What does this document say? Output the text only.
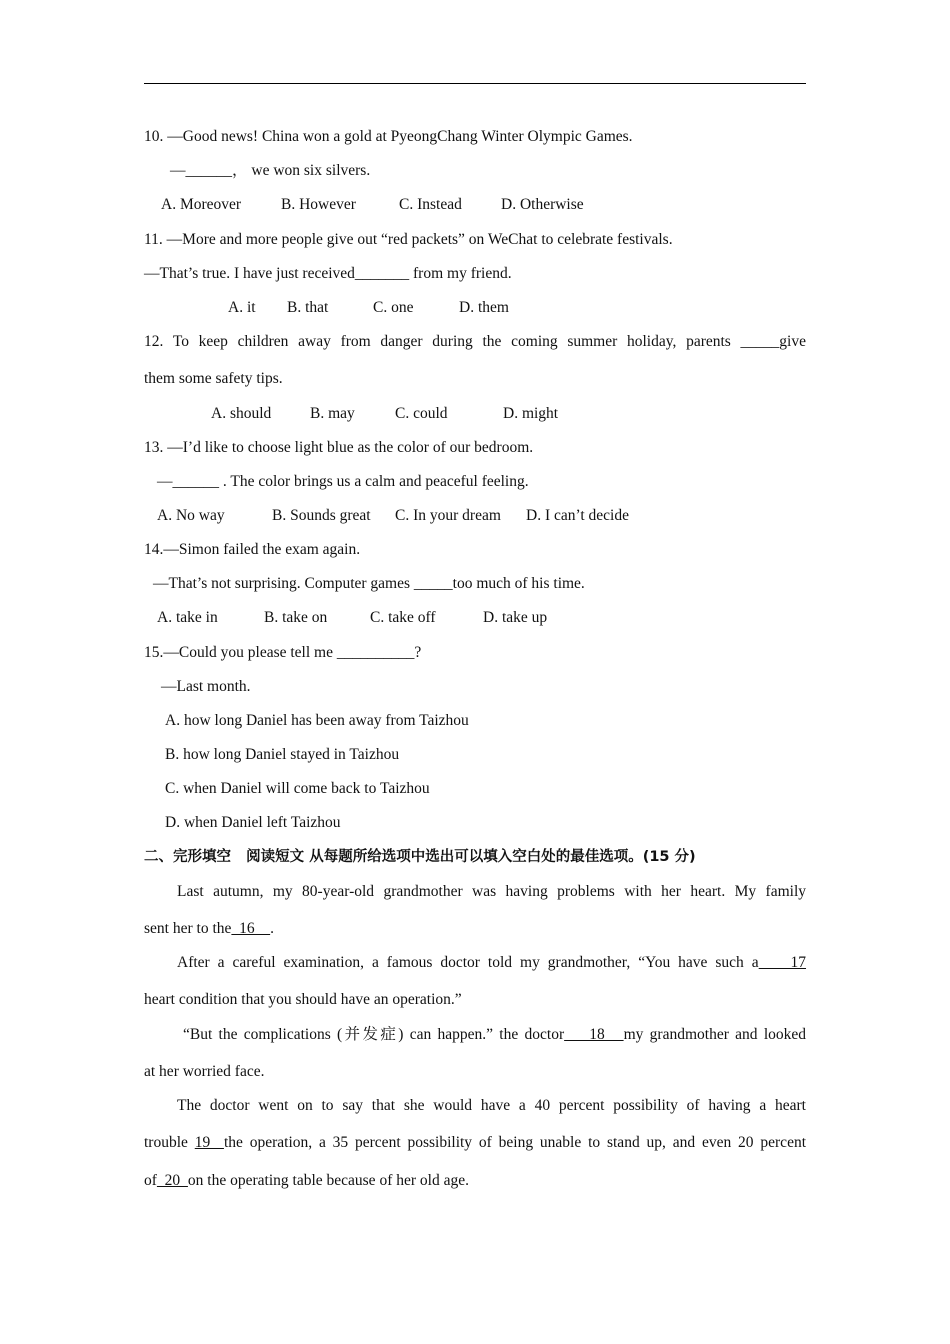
10. —Good news! China won a gold at PyeongChang Winter Olympic Games.
—______， we won six silvers.
A. Moreover	B. However	C. Instead	D. Otherwise
11. —More and more people give out “red packets” on WeChat to celebrate festivals.
—That’s true. I have just received_______ from my friend.
A. it B. that	C. one	D. them
12. To keep children away from danger during the coming summer holiday, parents _____give
them some safety tips.
A. should B. may	C. could	D. might
13. —I’d like to choose light blue as the color of our bedroom.
—______ . The color brings us a calm and peaceful feeling.
A. No way	B. Sounds great C. In your dream D. I can’t decide
14.—Simon failed the exam again.
—That’s not surprising. Computer games _____too much of his time.
A. take in	B. take on	C. take off	D. take up
15.—Could you please tell me __________?
—Last month.
A. how long Daniel has been away from Taizhou
B. how long Daniel stayed in Taizhou
C. when Daniel will come back to Taizhou
D. when Daniel left Taizhou
二、完形填空   阅读短文 从每题所给选项中选出可以填入空白处的最佳选项。(15 分)
Last autumn, my 80-year-old grandmother was having problems with her heart. My family
sent her to the  16    .
After a careful examination, a famous doctor told my grandmother, “You have such a    17
heart condition that you should have an operation.”
“But the complications (并发症) can happen.” the doctor    18   my grandmother and looked
at her worried face.
The doctor went on to say that she would have a 40 percent possibility of having a heart
trouble 19  the operation, a 35 percent possibility of being unable to stand up, and even 20 percent
of  20  on the operating table because of her old age.
